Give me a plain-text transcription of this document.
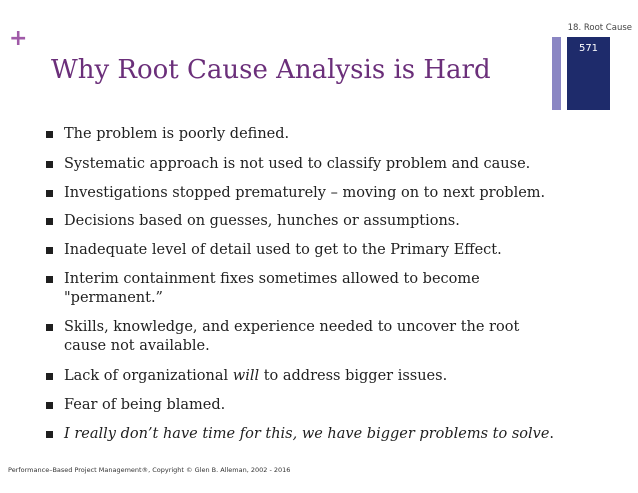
+	18. Root Cause
571
Why Root Cause Analysis is Hard
The problem is poorly defined.
Systematic approach is not used to classify problem and cause.
Investigations stopped prematurely – moving on to next problem.
Decisions based on guesses, hunches or assumptions.
Inadequate level of detail used to get to the Primary Effect.
Interim containment fixes sometimes allowed to become
"permanent.”
Skills, knowledge, and experience needed to uncover the root
cause not available.
Lack of organizational will to address bigger issues.
Fear of being blamed.
I really don’t have time for this, we have bigger problems to solve.
Performance–Based Project Management®, Copyright © Glen B. Alleman, 2002 - 2016
